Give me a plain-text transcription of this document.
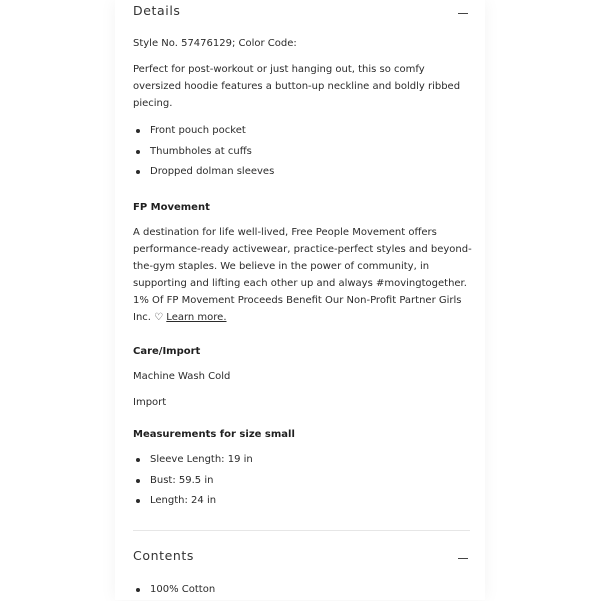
Details
Style No. 57476129; Color Code:
Perfect for post-workout or just hanging out, this so comfy oversized hoodie features a button-up neckline and boldly ribbed piecing.
Front pouch pocket
Thumbholes at cuffs
Dropped dolman sleeves
FP Movement
A destination for life well-lived, Free People Movement offers performance-ready activewear, practice-perfect styles and beyond-the-gym staples. We believe in the power of community, in supporting and lifting each other up and always #movingtogether. 1% Of FP Movement Proceeds Benefit Our Non-Profit Partner Girls Inc. ♡ Learn more.
Care/Import
Machine Wash Cold
Import
Measurements for size small
Sleeve Length: 19 in
Bust: 59.5 in
Length: 24 in
Contents
100% Cotton
